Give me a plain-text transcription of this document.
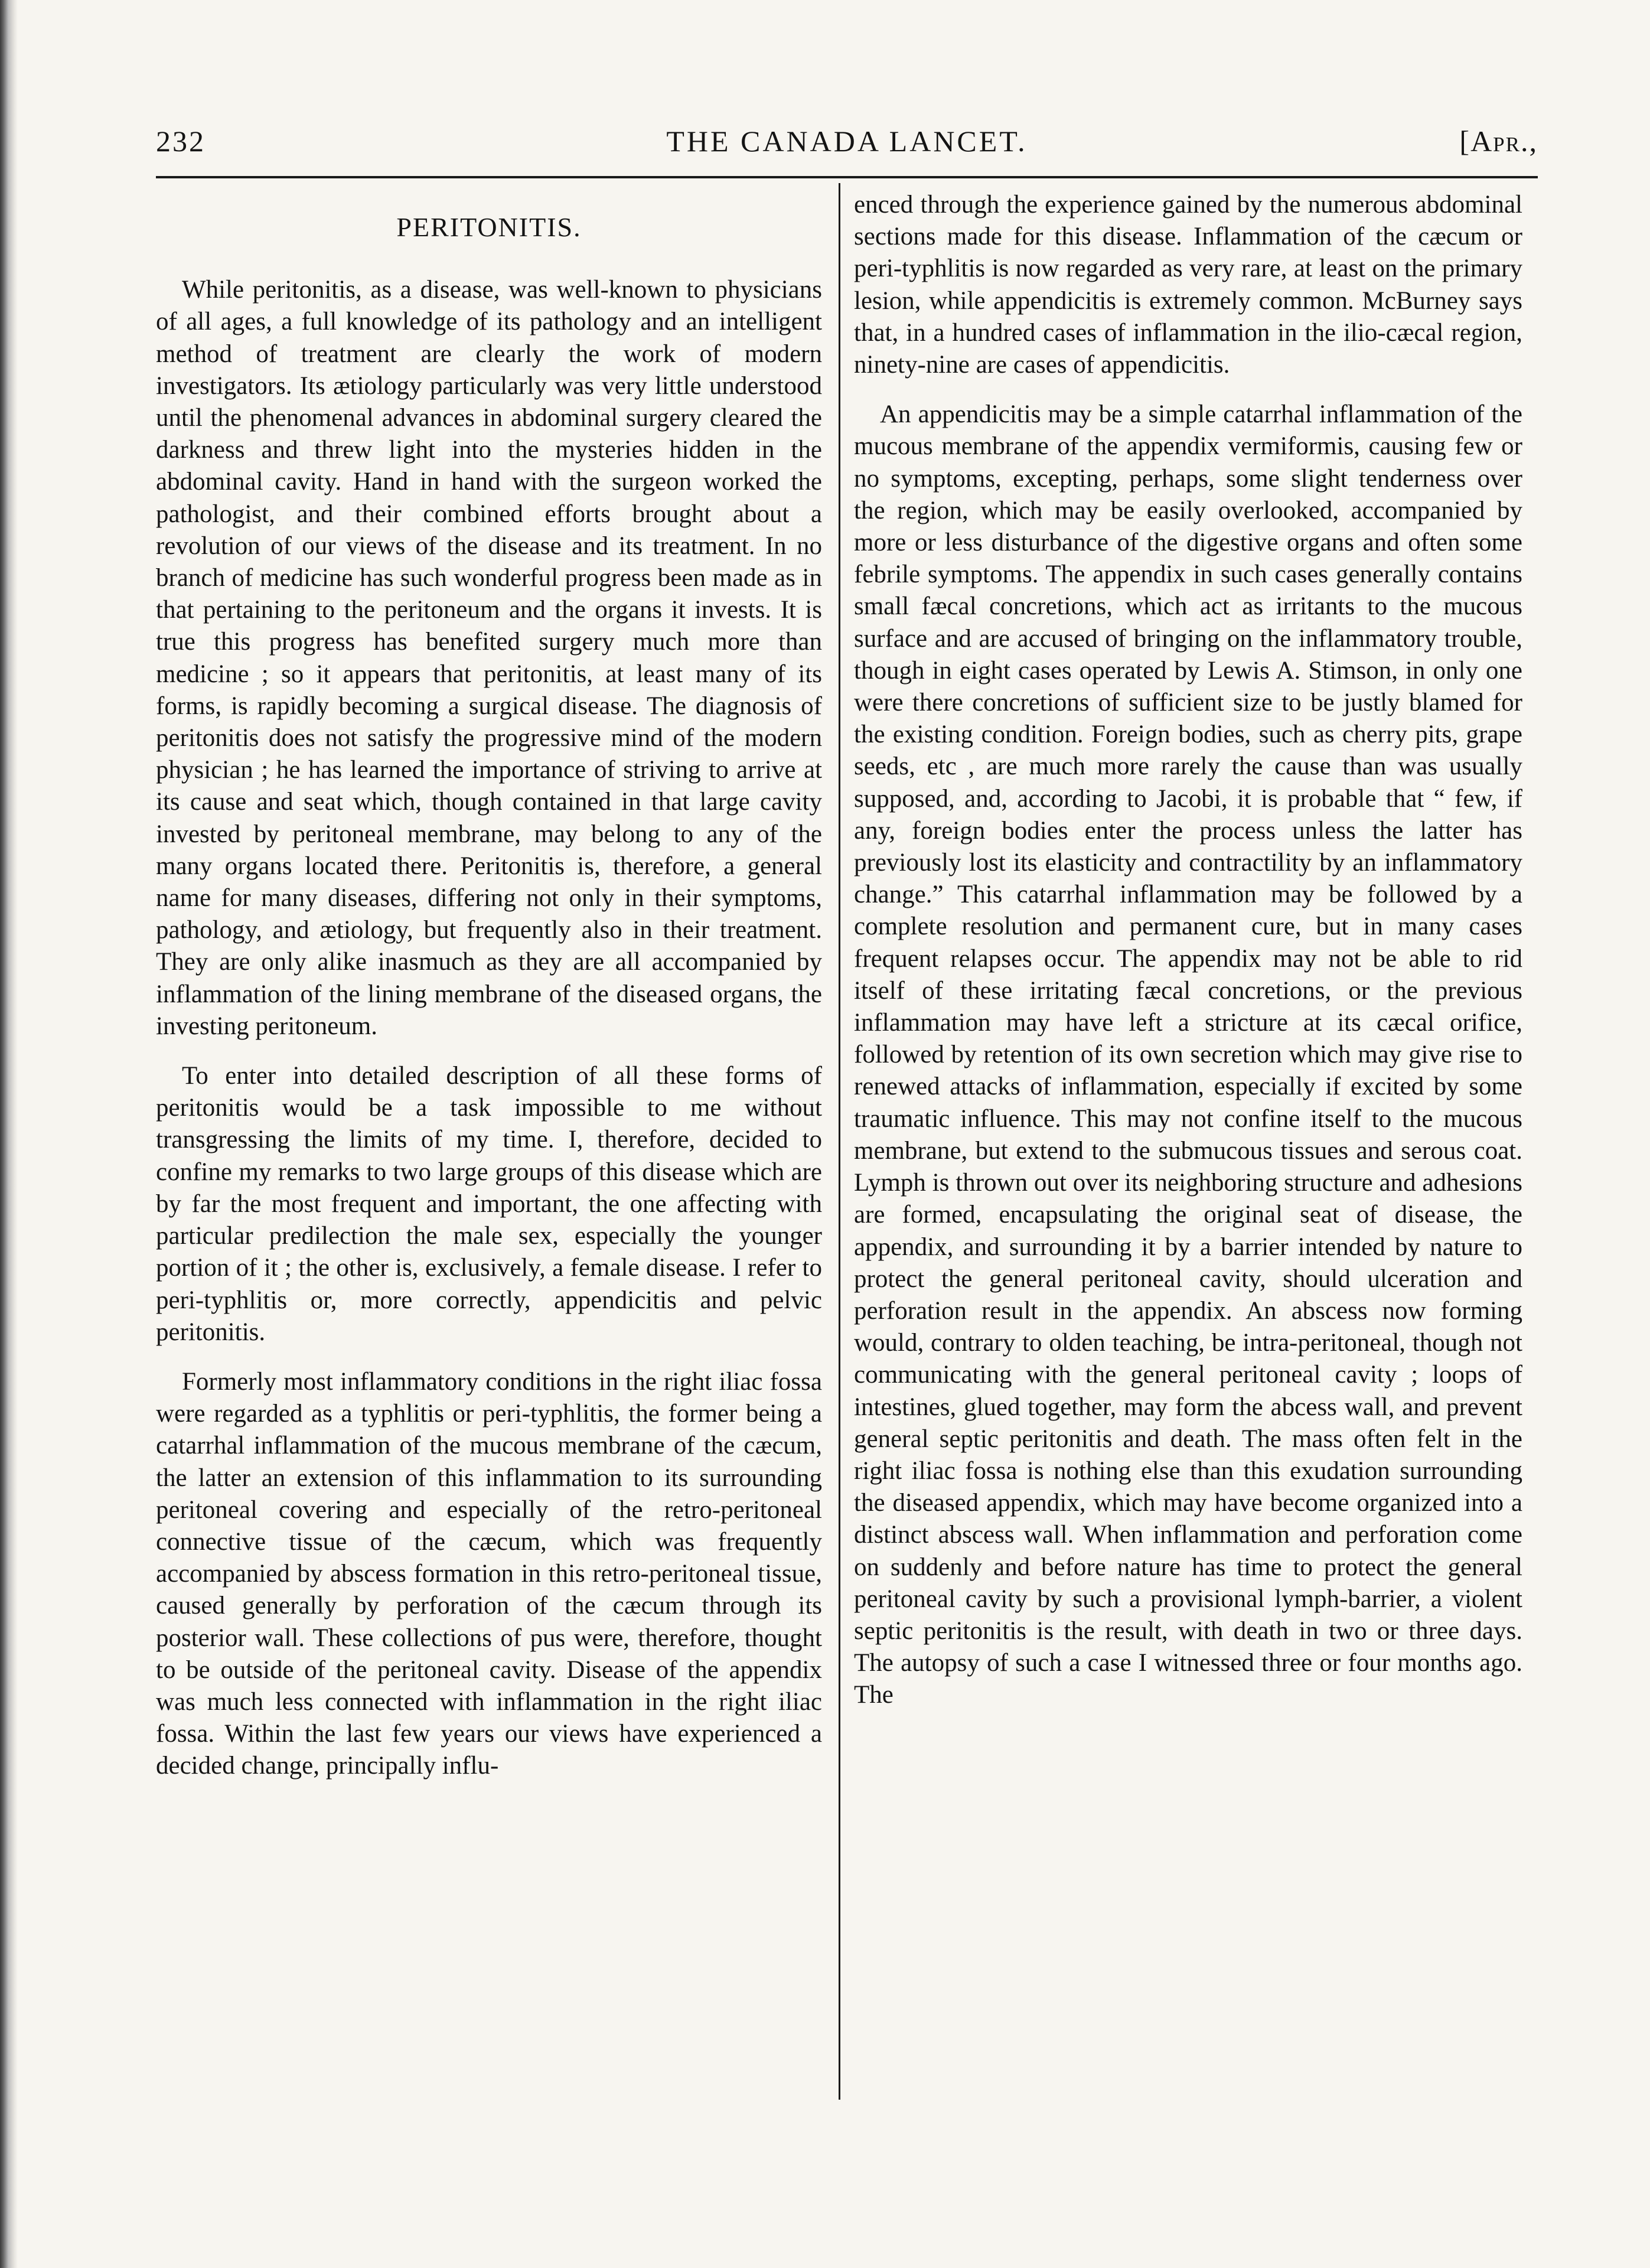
232	THE CANADA LANCET.	[Apr.,
PERITONITIS.

While peritonitis, as a disease, was well-known to physicians of all ages, a full knowledge of its pathology and an intelligent method of treatment are clearly the work of modern investigators. Its ætiology particularly was very little understood until the phenomenal advances in abdominal surgery cleared the darkness and threw light into the mysteries hidden in the abdominal cavity. Hand in hand with the surgeon worked the pathologist, and their combined efforts brought about a revolution of our views of the disease and its treatment. In no branch of medicine has such wonderful progress been made as in that pertaining to the peritoneum and the organs it invests. It is true this progress has benefited surgery much more than medicine ; so it appears that peritonitis, at least many of its forms, is rapidly becoming a surgical disease. The diagnosis of peritonitis does not satisfy the progressive mind of the modern physician ; he has learned the importance of striving to arrive at its cause and seat which, though contained in that large cavity invested by peritoneal membrane, may belong to any of the many organs located there. Peritonitis is, therefore, a general name for many diseases, differing not only in their symptoms, pathology, and ætiology, but frequently also in their treatment. They are only alike inasmuch as they are all accompanied by inflammation of the lining membrane of the diseased organs, the investing peritoneum.

To enter into detailed description of all these forms of peritonitis would be a task impossible to me without transgressing the limits of my time. I, therefore, decided to confine my remarks to two large groups of this disease which are by far the most frequent and important, the one affecting with particular predilection the male sex, especially the younger portion of it ; the other is, exclusively, a female disease. I refer to peri-typhlitis or, more correctly, appendicitis and pelvic peritonitis.

Formerly most inflammatory conditions in the right iliac fossa were regarded as a typhlitis or peri-typhlitis, the former being a catarrhal inflammation of the mucous membrane of the cæcum, the latter an extension of this inflammation to its surrounding peritoneal covering and especially of the retro-peritoneal connective tissue of the cæcum, which was frequently accompanied by abscess formation in this retro-peritoneal tissue, caused generally by perforation of the cæcum through its posterior wall. These collections of pus were, therefore, thought to be outside of the peritoneal cavity. Disease of the appendix was much less connected with inflammation in the right iliac fossa. Within the last few years our views have experienced a decided change, principally influ-

enced through the experience gained by the numerous abdominal sections made for this disease. Inflammation of the cæcum or peri-typhlitis is now regarded as very rare, at least on the primary lesion, while appendicitis is extremely common. McBurney says that, in a hundred cases of inflammation in the ilio-cæcal region, ninety-nine are cases of appendicitis.

An appendicitis may be a simple catarrhal inflammation of the mucous membrane of the appendix vermiformis, causing few or no symptoms, excepting, perhaps, some slight tenderness over the region, which may be easily overlooked, accompanied by more or less disturbance of the digestive organs and often some febrile symptoms. The appendix in such cases generally contains small fæcal concretions, which act as irritants to the mucous surface and are accused of bringing on the inflammatory trouble, though in eight cases operated by Lewis A. Stimson, in only one were there concretions of sufficient size to be justly blamed for the existing condition. Foreign bodies, such as cherry pits, grape seeds, etc , are much more rarely the cause than was usually supposed, and, according to Jacobi, it is probable that “ few, if any, foreign bodies enter the process unless the latter has previously lost its elasticity and contractility by an inflammatory change.” This catarrhal inflammation may be followed by a complete resolution and permanent cure, but in many cases frequent relapses occur. The appendix may not be able to rid itself of these irritating fæcal concretions, or the previous inflammation may have left a stricture at its cæcal orifice, followed by retention of its own secretion which may give rise to renewed attacks of inflammation, especially if excited by some traumatic influence. This may not confine itself to the mucous membrane, but extend to the submucous tissues and serous coat. Lymph is thrown out over its neighboring structure and adhesions are formed, encapsulating the original seat of disease, the appendix, and surrounding it by a barrier intended by nature to protect the general peritoneal cavity, should ulceration and perforation result in the appendix. An abscess now forming would, contrary to olden teaching, be intra-peritoneal, though not communicating with the general peritoneal cavity ; loops of intestines, glued together, may form the abcess wall, and prevent general septic peritonitis and death. The mass often felt in the right iliac fossa is nothing else than this exudation surrounding the diseased appendix, which may have become organized into a distinct abscess wall. When inflammation and perforation come on suddenly and before nature has time to protect the general peritoneal cavity by such a provisional lymph-barrier, a violent septic peritonitis is the result, with death in two or three days. The autopsy of such a case I witnessed three or four months ago. The
